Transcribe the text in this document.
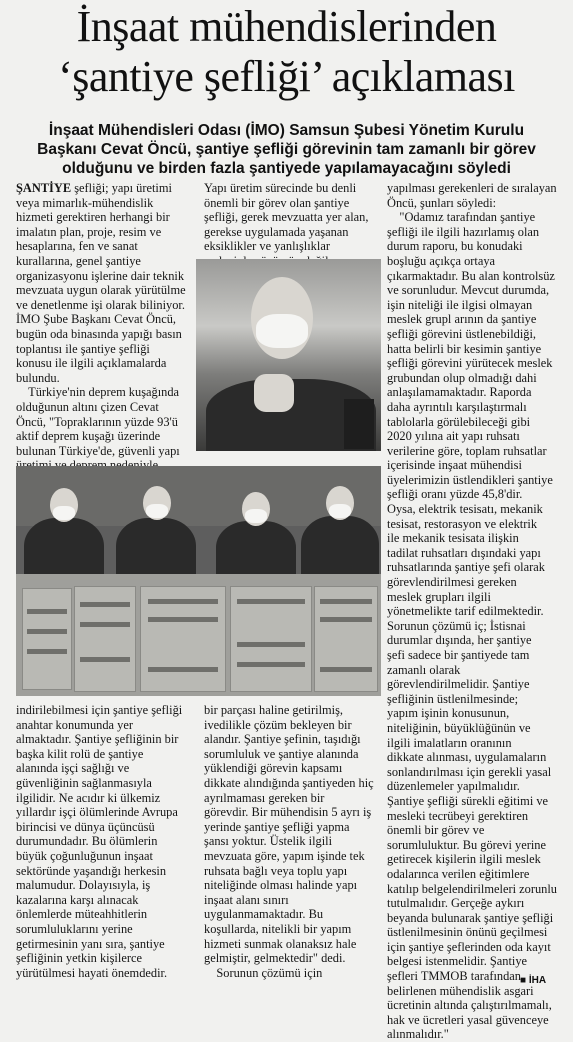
İnşaat mühendislerinden
‘şantiye şefliği’ açıklaması
İnşaat Mühendisleri Odası (İMO) Samsun Şubesi Yönetim Kurulu
Başkanı Cevat Öncü, şantiye şefliği görevinin tam zamanlı bir görev
olduğunu ve birden fazla şantiyede yapılamayacağını söyledi

ŞANTİYE şefliği; yapı üretimi

veya mimarlık-mühendislik

hizmeti gerektiren herhangi bir

imalatın plan, proje, resim ve

hesaplarına, fen ve sanat

kurallarına, genel şantiye

organizasyonu işlerine dair teknik

mevzuata uygun olarak yürütülme

ve denetlenme işi olarak biliniyor.

İMO Şube Başkanı Cevat Öncü,

bugün oda binasında yapığı basın

toplantısı ile şantiye şefliği

konusu ile ilgili açıklamalarda

bulundu.

Türkiye'nin deprem kuşağında

olduğunun altını çizen Cevat

Öncü, "Topraklarının yüzde 93'ü

aktif deprem kuşağı üzerinde

bulunan Türkiye'de, güvenli yapı

Yapı üretim sürecinde bu denli

önemli bir görev olan şantiye

şefliği, gerek mevzuatta yer alan,

gerekse uygulamada yaşanan

eksiklikler ve yanlışlıklar

yapılması gerekenleri de sıralayan

Öncü, şunları söyledi:

"Odamız tarafından şantiye

şefliği ile ilgili hazırlamış olan

durum raporu, bu konudaki

boşluğu açıkça ortaya

çıkarmaktadır. Bu alan kontrolsüz

ve sorunludur. Mevcut durumda,

işin niteliği ile ilgisi olmayan

meslek grupl arının da şantiye

şefliği görevini üstlenebildiği,

hatta belirli bir kesimin şantiye

şefliği görevini yürütecek meslek

grubundan olup olmadığı dahi

anlaşılamamaktadır. Raporda

daha ayrıntılı karşılaştırmalı

tablolarla görülebileceği gibi

2020 yılına ait yapı ruhsatı

verilerine göre, toplam ruhsatlar

içerisinde inşaat mühendisi

üyelerimizin üstlendikleri şantiye

şefliği oranı yüzde 45,8'dir.

Oysa, elektrik tesisatı, mekanik

tesisat, restorasyon ve elektrik

ile mekanik tesisata ilişkin

tadilat ruhsatları dışındaki yapı

ruhsatlarında şantiye şefi olarak

görevlendirilmesi gereken

meslek grupları ilgili

yönetmelikte tarif edilmektedir.

Sorunun çözümü iç; İstisnai

durumlar dışında, her şantiye

şefi sadece bir şantiyede tam

zamanlı olarak

görevlendirilmelidir. Şantiye

şefliğinin üstlenilmesinde;

yapım işinin konusunun,

niteliğinin, büyüklüğünün ve

ilgili imalatların oranının

dikkate alınması, uygulamaların

sonlandırılması için gerekli yasal

düzenlemeler yapılmalıdır.

Şantiye şefliği sürekli eğitimi ve

mesleki tecrübeyi gerektiren

önemli bir görev ve

sorumluluktur. Bu görevi yerine

getirecek kişilerin ilgili meslek

odalarınca verilen eğitimlere

katılıp belgelendirilmeleri zorunlu

tutulmalıdır. Gerçeğe aykırı

beyanda bulunarak şantiye şefliği

üstlenilmesinin önünü geçilmesi

için şantiye şeflerinden oda kayıt

belgesi istenmelidir. Şantiye

şefleri TMMOB tarafından

belirlenen mühendislik asgari

ücretinin altında çalıştırılmamalı,

hak ve ücretleri yasal güvenceye

alınmalıdır."

indirilebilmesi için şantiye şefliği

anahtar konumunda yer

almaktadır. Şantiye şefliğinin bir

başka kilit rolü de şantiye

alanında işçi sağlığı ve

güvenliğinin sağlanmasıyla

ilgilidir. Ne acıdır ki ülkemiz

yıllardır işçi ölümlerinde Avrupa

birincisi ve dünya üçüncüsü

durumundadır. Bu ölümlerin

büyük çoğunluğunun inşaat

sektöründe yaşandığı herkesin

malumudur. Dolayısıyla, iş

kazalarına karşı alınacak

önlemlerde müteahhitlerin

sorumluluklarını yerine

getirmesinin yanı sıra, şantiye

şefliğinin yetkin kişilerce

yürütülmesi hayati önemdedir.

bir parçası haline getirilmiş,

ivedilikle çözüm bekleyen bir

alandır. Şantiye şefinin, taşıdığı

sorumluluk ve şantiye alanında

yüklendiği görevin kapsamı

dikkate alındığında şantiyeden hiç

ayrılmaması gereken bir

görevdir. Bir mühendisin 5 ayrı iş

yerinde şantiye şefliği yapma

şansı yoktur. Üstelik ilgili

mevzuata göre, yapım işinde tek

ruhsata bağlı veya toplu yapı

niteliğinde olması halinde yapı

inşaat alanı sınırı

uygulanmamaktadır. Bu

koşullarda, nitelikli bir yapım

hizmeti sunmak olanaksız hale

gelmiştir, gelmektedir" dedi.

Sorunun çözümü için

■ İHA
